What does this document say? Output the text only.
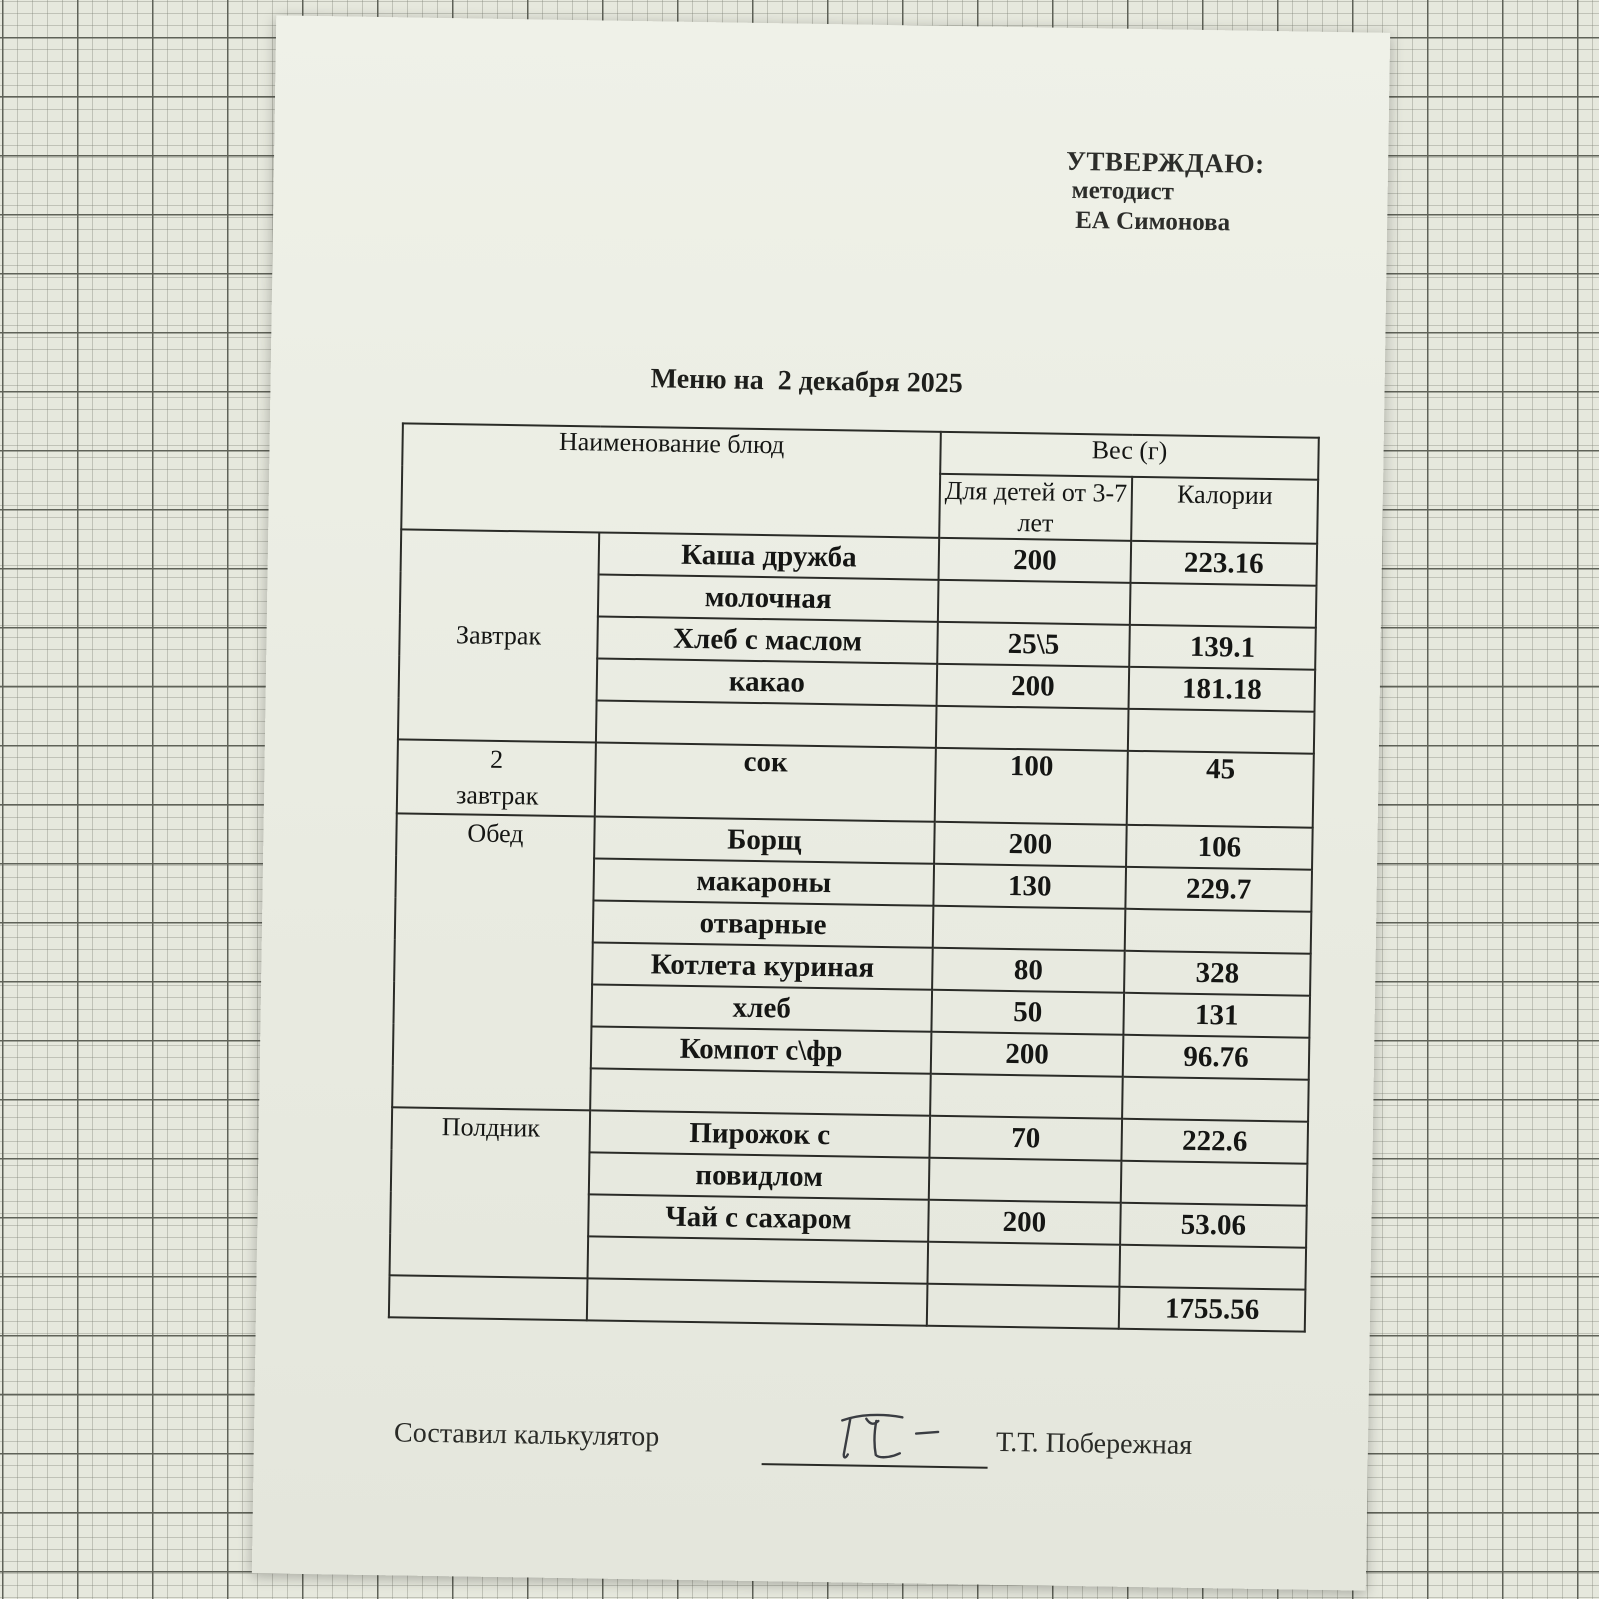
УТВЕРЖДАЮ:
методист
ЕА Симонова
Меню на  2 декабря 2025
Наименование блюд		Вес (г)	
		Для детей от 3-7 лет	Калории
Завтрак	Каша дружба	200	223.16
	молочная		
	Хлеб с маслом	25\5	139.1
	какао	200	181.18

2 завтрак	сок	100	45
Обед	Борщ	200	106
	макароны	130	229.7
	отварные		
	Котлета куриная	80	328
	хлеб	50	131
	Компот с\фр	200	96.76

Полдник	Пирожок с	70	222.6
	повидлом		
	Чай с сахаром	200	53.06

			1755.56
Составил калькулятор	Т.Т. Побережная
